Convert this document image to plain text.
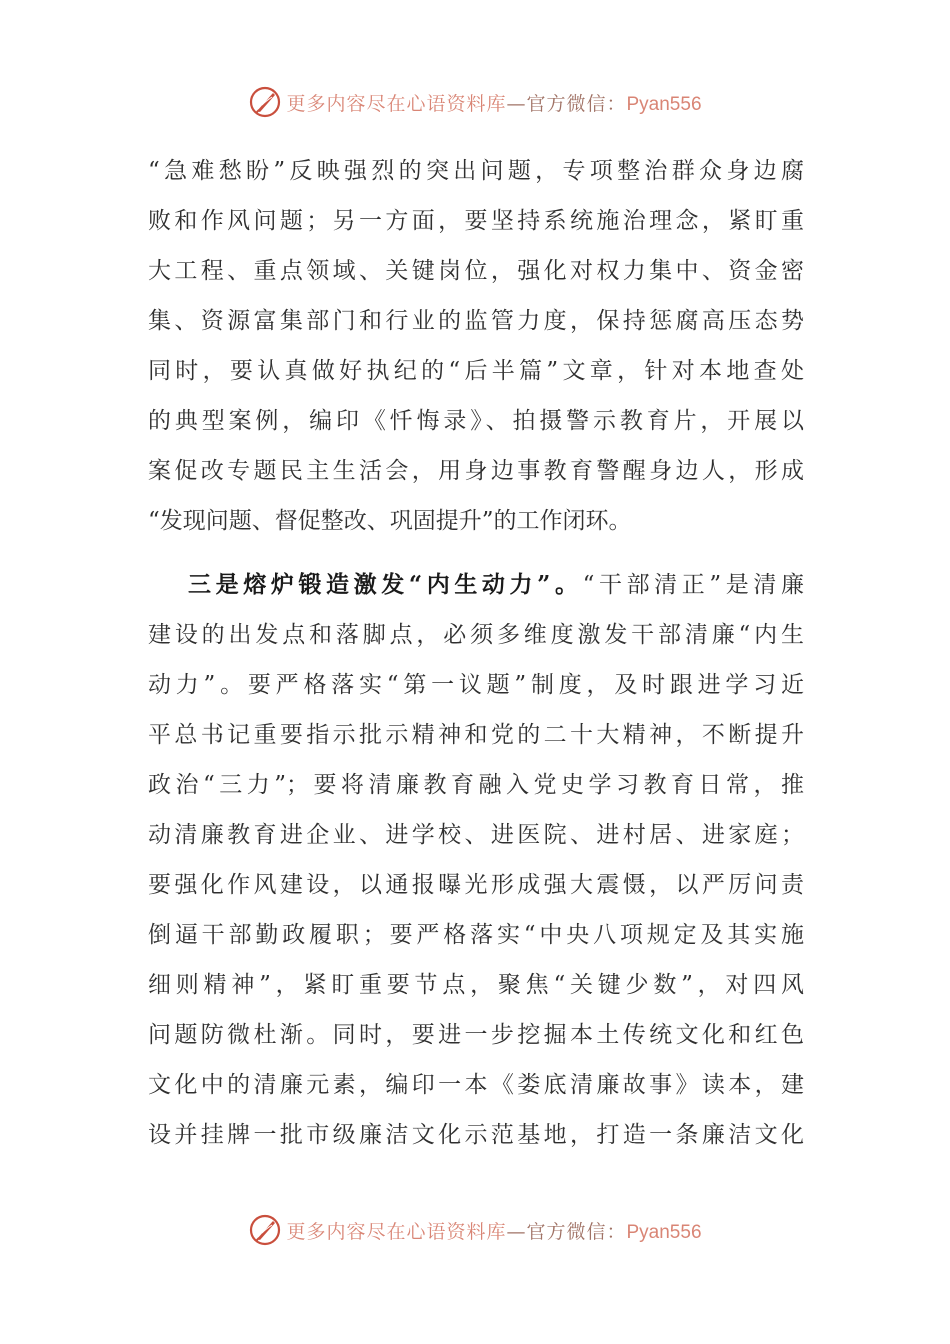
更多内容尽在心语资料库—官方微信：Pyan556
“急难愁盼”反映强烈的突出问题，专项整治群众身边腐
败和作风问题；另一方面，要坚持系统施治理念，紧盯重
大工程、重点领域、关键岗位，强化对权力集中、资金密
集、资源富集部门和行业的监管力度，保持惩腐高压态势
同时，要认真做好执纪的“后半篇”文章，针对本地查处
的典型案例，编印《忏悔录》、拍摄警示教育片，开展以
案促改专题民主生活会，用身边事教育警醒身边人，形成
“发现问题、督促整改、巩固提升”的工作闭环。
三是熔炉锻造激发“内生动力”。“干部清正”是清廉
建设的出发点和落脚点，必须多维度激发干部清廉“内生
动力”。要严格落实“第一议题”制度，及时跟进学习近
平总书记重要指示批示精神和党的二十大精神，不断提升
政治“三力”；要将清廉教育融入党史学习教育日常，推
动清廉教育进企业、进学校、进医院、进村居、进家庭；
要强化作风建设，以通报曝光形成强大震慑，以严厉问责
倒逼干部勤政履职；要严格落实“中央八项规定及其实施
细则精神”，紧盯重要节点，聚焦“关键少数”，对四风
问题防微杜渐。同时，要进一步挖掘本土传统文化和红色
文化中的清廉元素，编印一本《娄底清廉故事》读本，建
设并挂牌一批市级廉洁文化示范基地，打造一条廉洁文化
更多内容尽在心语资料库—官方微信：Pyan556
